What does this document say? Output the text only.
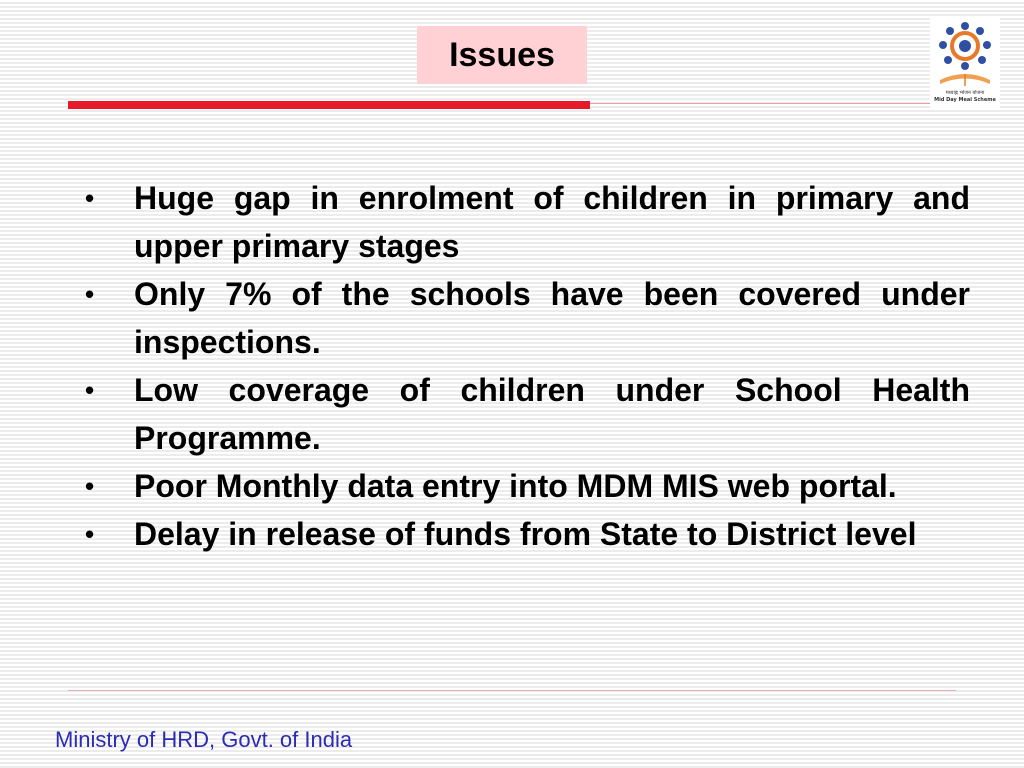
Issues
मध्याह्न भोजन योजना
Mid Day Meal Scheme
• Huge gap in enrolment of children in primary and upper primary stages
• Only 7% of the schools have been covered under inspections.
• Low coverage of children under School Health Programme.
• Poor Monthly data entry into MDM MIS web portal.
• Delay in release of funds from State to District level
Ministry of HRD, Govt. of India
